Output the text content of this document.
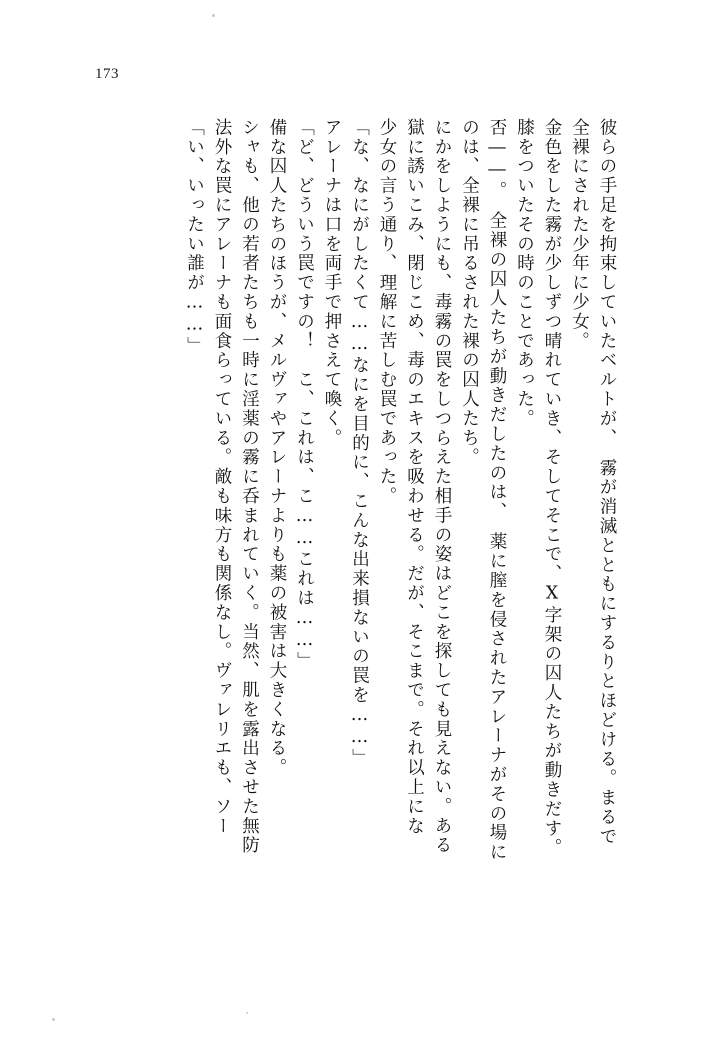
173
「い、いったい誰が……」 法外な罠にアレーナも面食らっている。敵も味方も関係なし。ヴァレリエも、ソー シャも、他の若者たちも一時に淫薬の霧に呑まれていく。当然、肌を露出させた無防 備な囚人たちのほうが、メルヴァやアレーナよりも薬の被害は大きくなる。 「ど、どういう罠ですの！　こ、これは、こ……これは……」 アレーナは口を両手で押さえて喚く。 「な、なにがしたくて……なにを目的に、こんな出来損ないの罠を……」 少女の言う通り、理解に苦しむ罠であった。 獄に誘いこみ、閉じこめ、毒のエキスを吸わせる。だが、そこまで。それ以上にな にかをしようにも、毒霧の罠をしつらえた相手の姿はどこを探しても見えない。ある のは、全裸に吊るされた裸の囚人たち。 否――。　全裸の囚人たちが動きだしたのは、　薬に膣を侵されたアレーナがその場に 膝をついたその時のことであった。 金色をした霧が少しずつ晴れていき、そしてそこで、X字架の囚人たちが動きだす。 全裸にされた少年に少女。 彼らの手足を拘束していたベルトが、　霧が消滅とともにするりとほどける。まるで
